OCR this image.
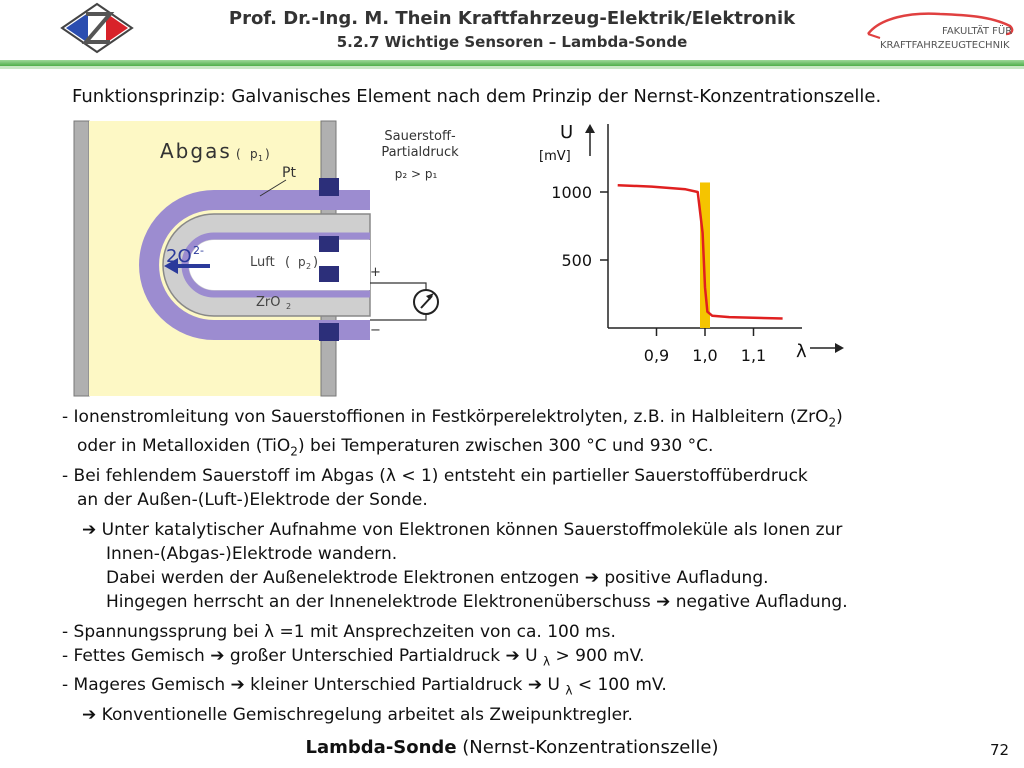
Prof. Dr.-Ing. M. Thein Kraftfahrzeug-Elektrik/Elektronik
5.2.7 Wichtige Sensoren – Lambda-Sonde
FAKULTÄT FÜR
KRAFTFAHRZEUGTECHNIK
Funktionsprinzip: Galvanisches Element nach dem Prinzip der Nernst-Konzentrationszelle.
Abgas ( p 1 )
Pt
2O 2-
Luft ( p 2 )
ZrO 2
Sauerstoff-
Partialdruck
p₂ > p₁
+
−
U
[mV]
λ
500
1000
0,9 1,0 1,1
- Ionenstromleitung von Sauerstoffionen in Festkörperelektrolyten, z.B. in Halbleitern (ZrO$_2$)
oder in Metalloxiden (TiO$_2$) bei Temperaturen zwischen 300 °C und 930 °C.
- Bei fehlendem Sauerstoff im Abgas (λ < 1) entsteht ein partieller Sauerstoffüberdruck
an der Außen-(Luft-)Elektrode der Sonde.
➔ Unter katalytischer Aufnahme von Elektronen können Sauerstoffmoleküle als Ionen zur
Innen-(Abgas-)Elektrode wandern.
Dabei werden der Außenelektrode Elektronen entzogen ➔ positive Aufladung.
Hingegen herrscht an der Innenelektrode Elektronenüberschuss ➔ negative Aufladung.
- Spannungssprung bei λ =1 mit Ansprechzeiten von ca. 100 ms.
- Fettes Gemisch ➔ großer Unterschied Partialdruck ➔ U $_\lambda$ > 900 mV.
- Mageres Gemisch ➔ kleiner Unterschied Partialdruck ➔ U $_\lambda$ < 100 mV.
➔ Konventionelle Gemischregelung arbeitet als Zweipunktregler.
Lambda-Sonde (Nernst-Konzentrationszelle)	72
